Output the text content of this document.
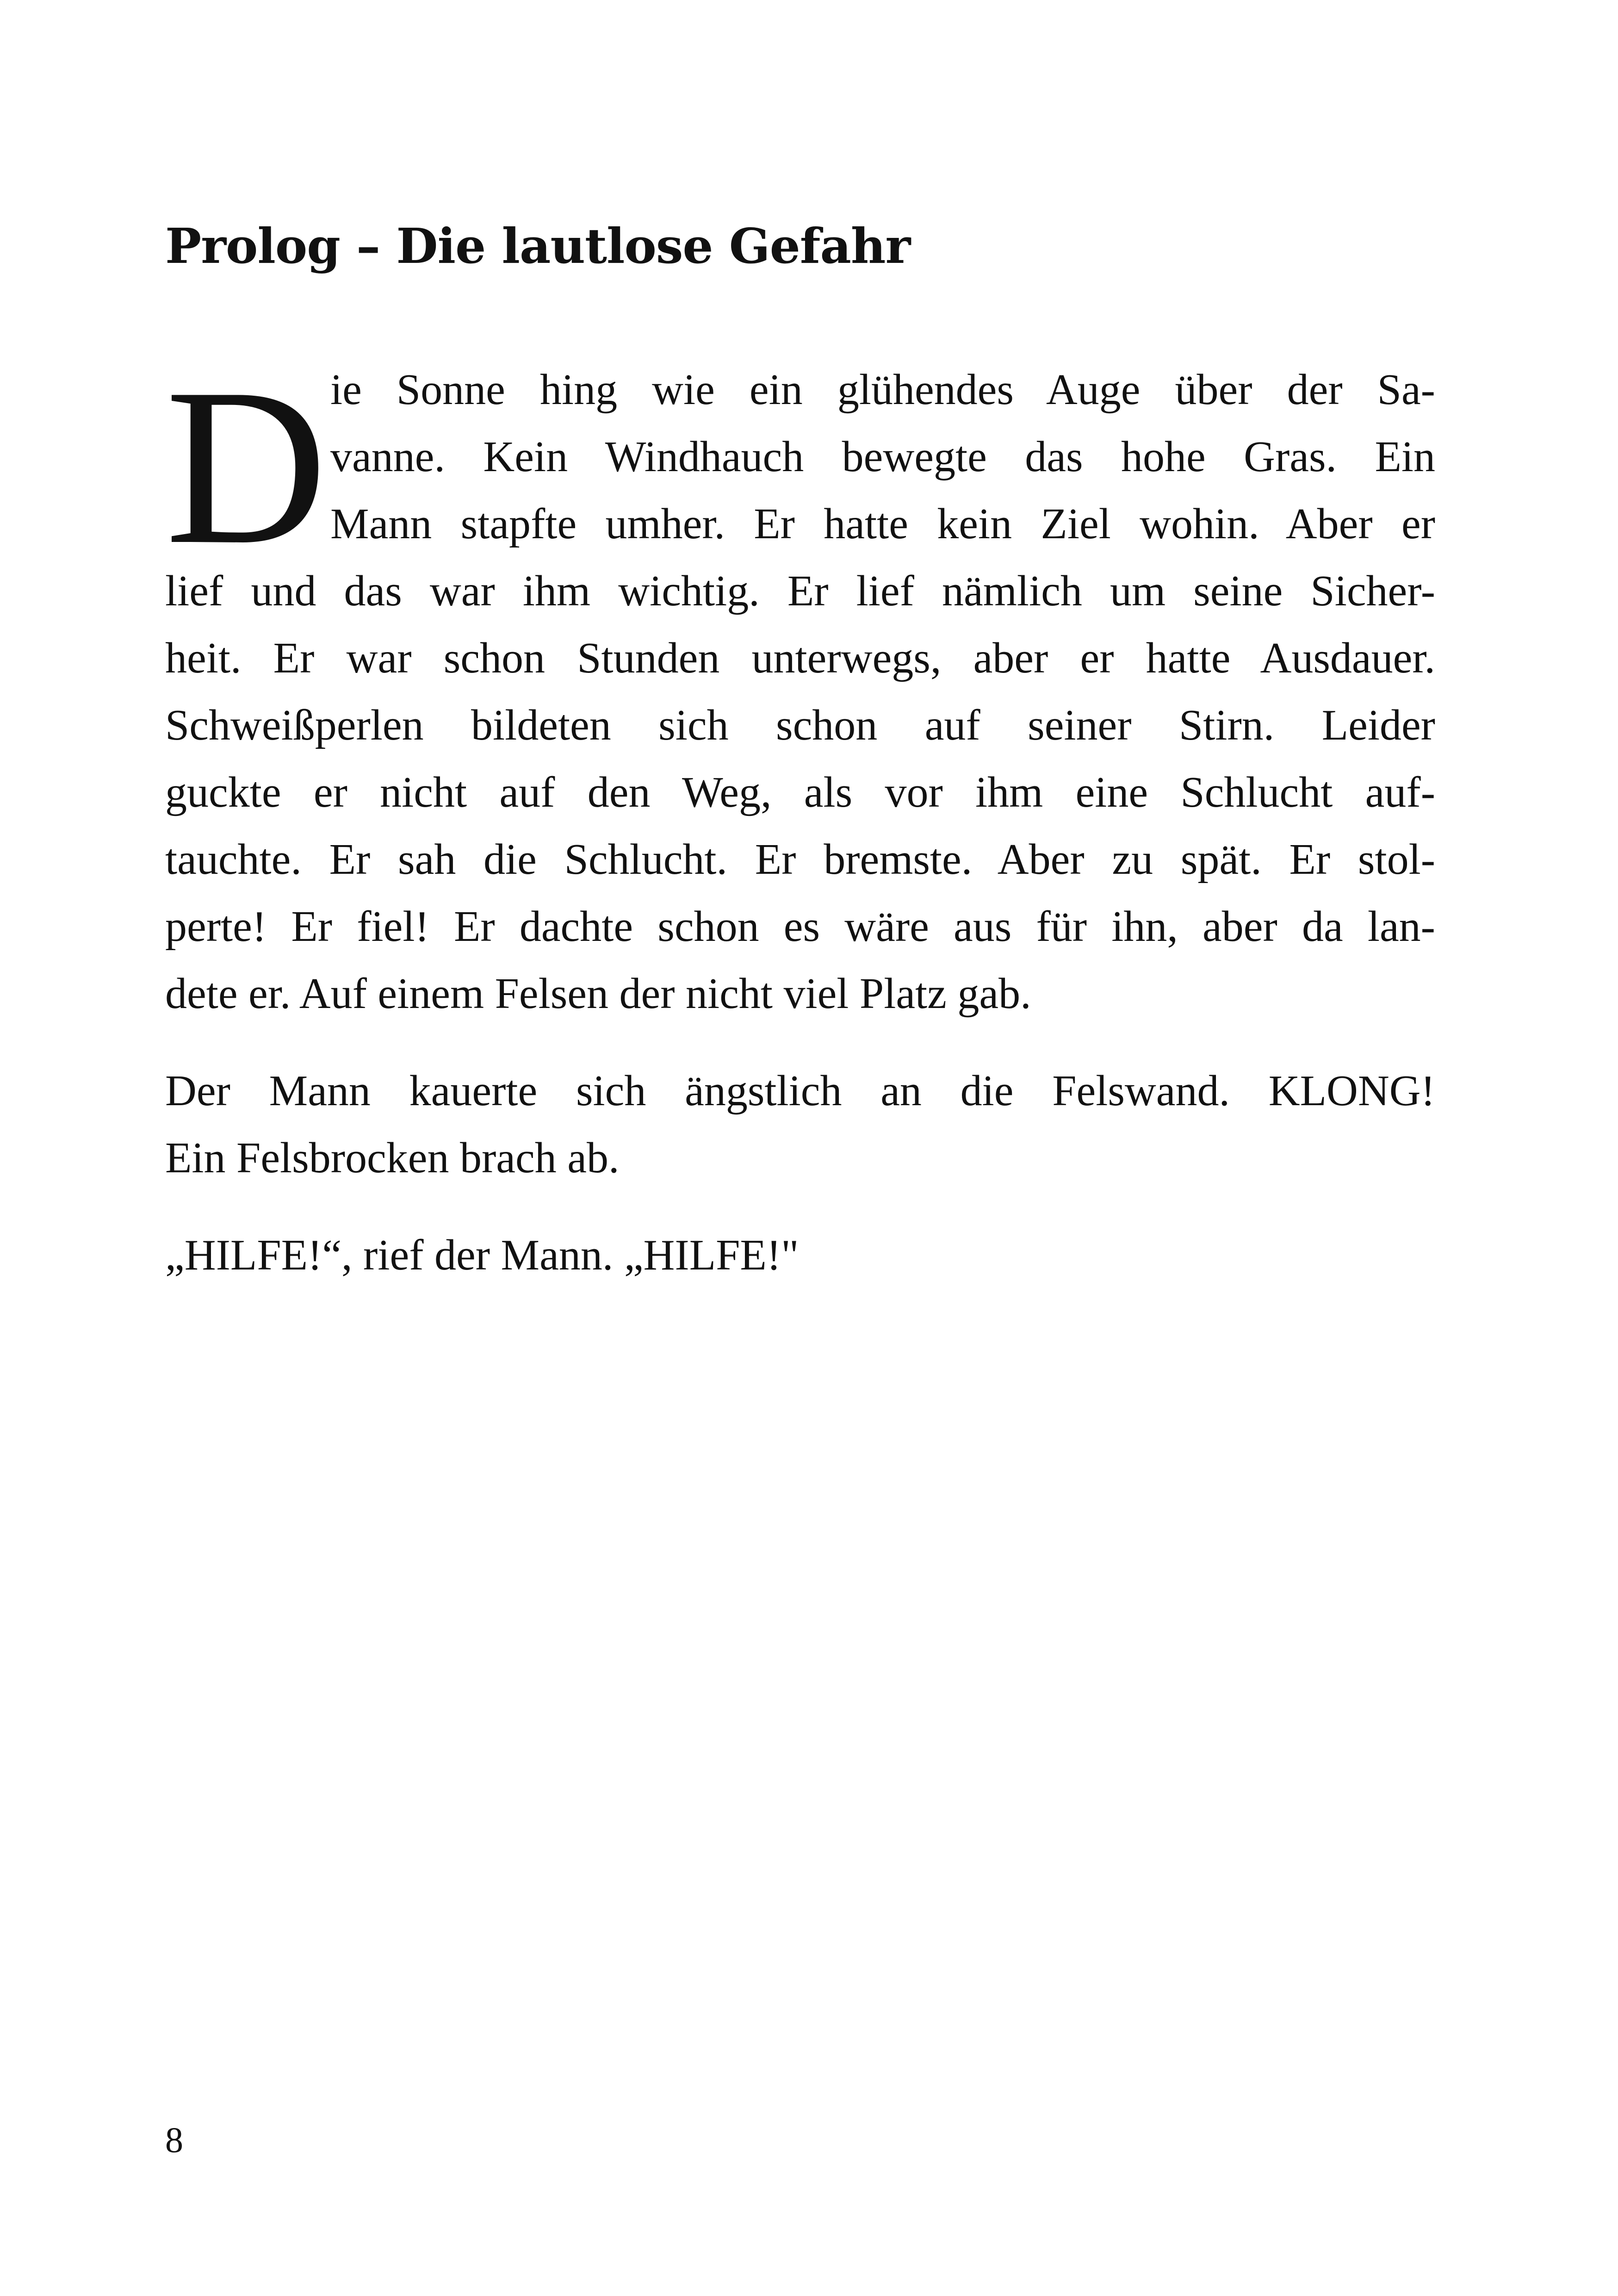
Prolog – Die lautlose Gefahr
D ie Sonne hing wie ein glühendes Auge über der Sa-
vanne. Kein Windhauch bewegte das hohe Gras. Ein
Mann stapfte umher. Er hatte kein Ziel wohin. Aber er
lief und das war ihm wichtig. Er lief nämlich um seine Sicher-
heit. Er war schon Stunden unterwegs, aber er hatte Ausdauer.
Schweißperlen bildeten sich schon auf seiner Stirn. Leider
guckte er nicht auf den Weg, als vor ihm eine Schlucht auf-
tauchte. Er sah die Schlucht. Er bremste. Aber zu spät. Er stol-
perte! Er fiel! Er dachte schon es wäre aus für ihn, aber da lan-
dete er. Auf einem Felsen der nicht viel Platz gab.
Der Mann kauerte sich ängstlich an die Felswand. KLONG!
Ein Felsbrocken brach ab.
„HILFE!“, rief der Mann. „HILFE!"
8
